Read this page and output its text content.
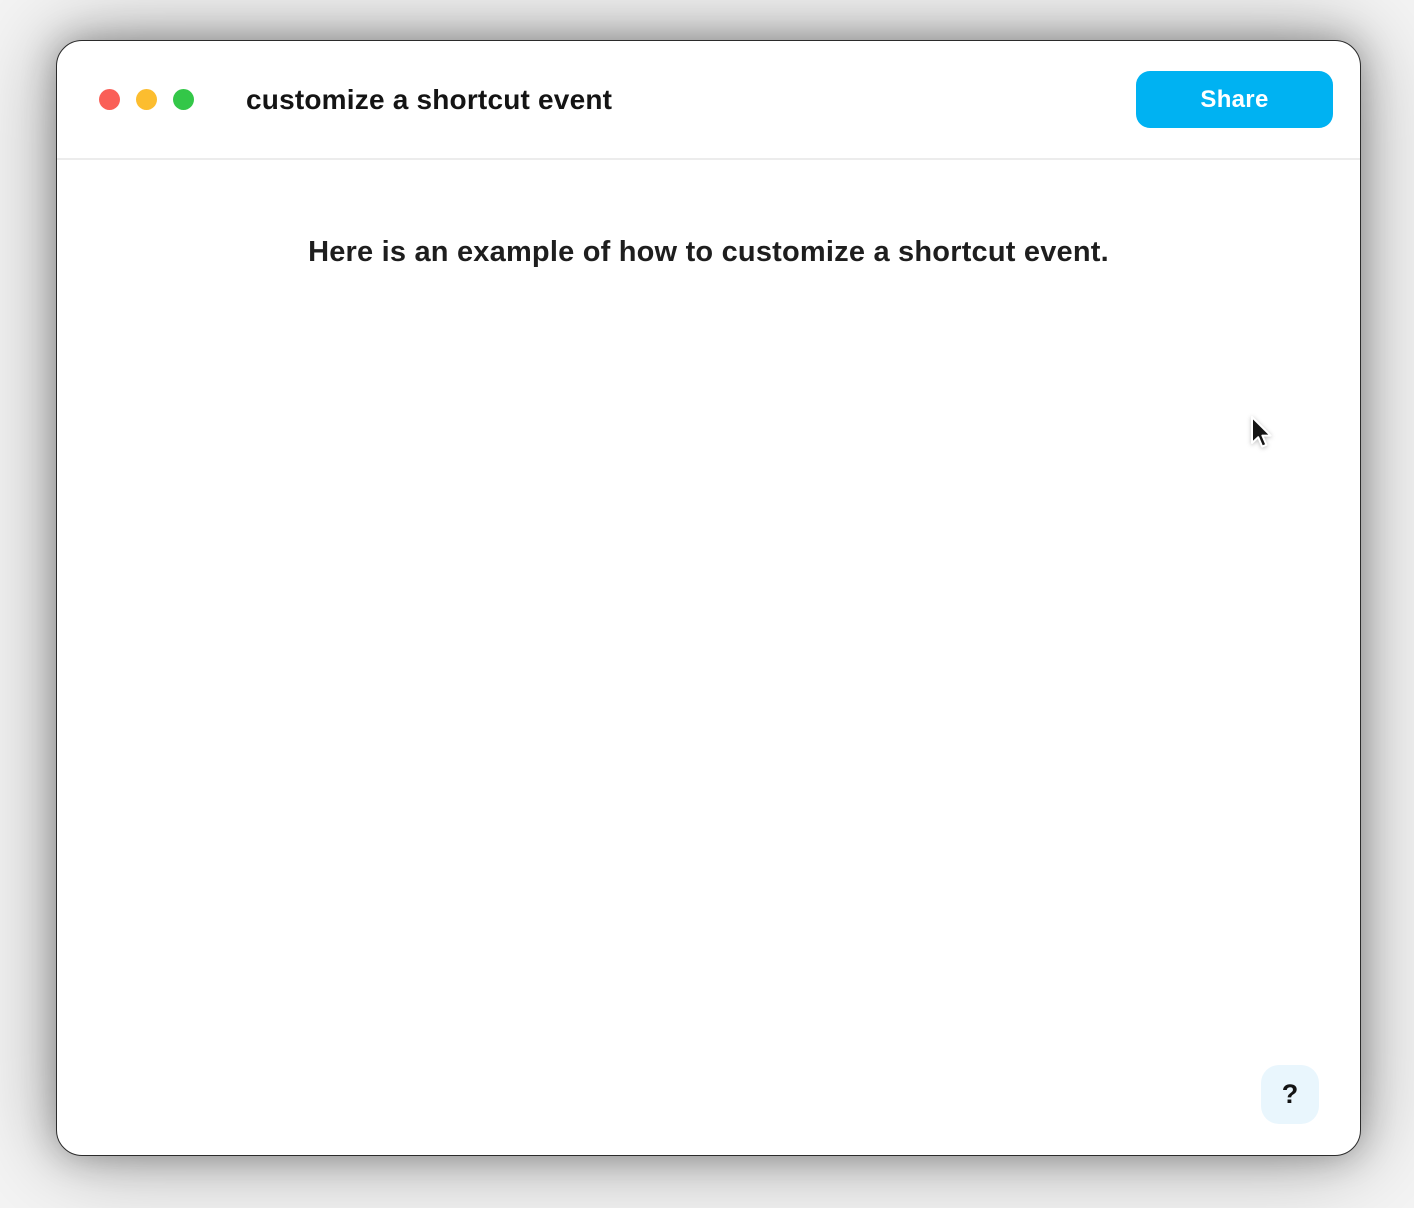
customize a shortcut event	Share

Here is an example of how to customize a shortcut event.

?
